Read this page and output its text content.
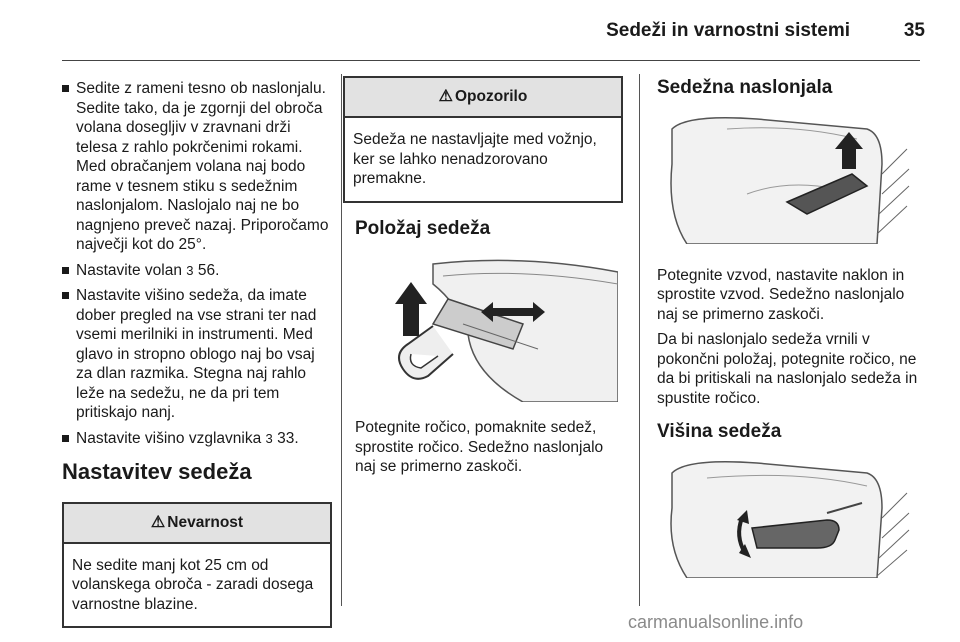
Sedeži in varnostni sistemi	35
Sedite z rameni tesno ob naslonjalu. Sedite tako, da je zgornji del obroča volana dosegljiv v zravnani drži telesa z rahlo pokrčenimi rokami. Med obračanjem volana naj bodo rame v tesnem stiku s sedežnim naslonjalom. Naslojalo naj ne bo nagnjeno preveč nazaj. Priporočamo največji kot do 25°.
Nastavite volan 3 56.
Nastavite višino sedeža, da imate dober pregled na vse strani ter nad vsemi merilniki in instrumenti. Med glavo in stropno oblogo naj bo vsaj za dlan razmika. Stegna naj rahlo leže na sedežu, ne da pri tem pritiskajo nanj.
Nastavite višino vzglavnika 3 33.
Nastavitev sedeža
⚠ Nevarnost
Ne sedite manj kot 25 cm od volanskega obroča - zaradi dosega varnostne blazine.
⚠ Opozorilo
Sedeža ne nastavljajte med vožnjo, ker se lahko nenadzorovano premakne.
Položaj sedeža
Potegnite ročico, pomaknite sedež, sprostite ročico. Sedežno naslonjalo naj se primerno zaskoči.
Sedežna naslonjala
Potegnite vzvod, nastavite naklon in sprostite vzvod. Sedežno naslonjalo naj se primerno zaskoči.
Da bi naslonjalo sedeža vrnili v pokončni položaj, potegnite ročico, ne da bi pritiskali na naslonjalo sedeža in spustite ročico.
Višina sedeža
carmanualsonline.info
